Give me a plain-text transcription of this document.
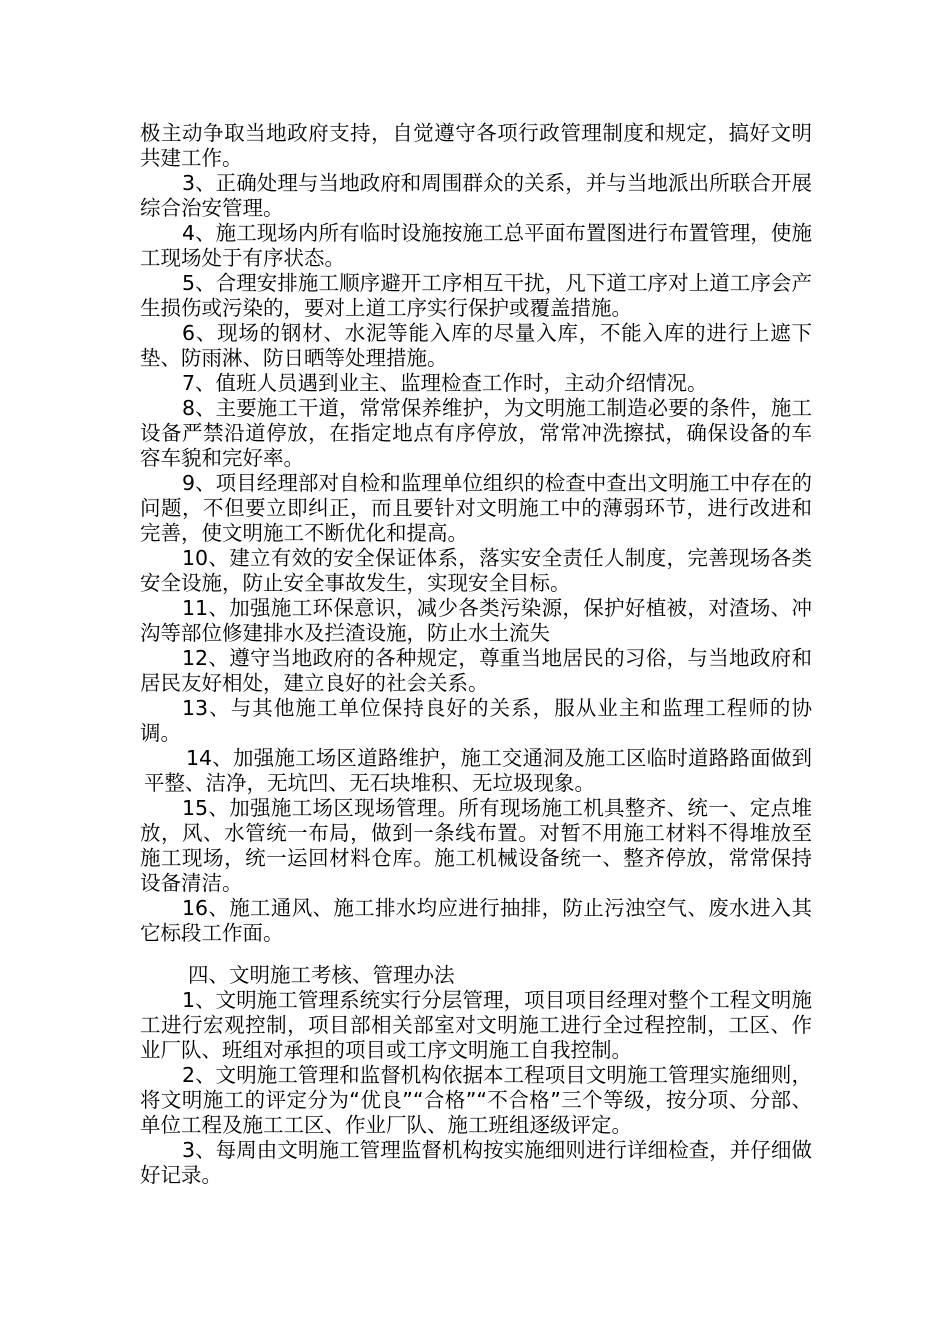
极主动争取当地政府支持，自觉遵守各项行政管理制度和规定，搞好文明共建工作。

3、正确处理与当地政府和周围群众的关系，并与当地派出所联合开展综合治安管理。

4、施工现场内所有临时设施按施工总平面布置图进行布置管理，使施工现场处于有序状态。

5、合理安排施工顺序避开工序相互干扰，凡下道工序对上道工序会产生损伤或污染的，要对上道工序实行保护或覆盖措施。

6、现场的钢材、水泥等能入库的尽量入库，不能入库的进行上遮下垫、防雨淋、防日晒等处理措施。

7、值班人员遇到业主、监理检查工作时，主动介绍情况。

8、主要施工干道，常常保养维护，为文明施工制造必要的条件，施工设备严禁沿道停放，在指定地点有序停放，常常冲洗擦拭，确保设备的车容车貌和完好率。

9、项目经理部对自检和监理单位组织的检查中查出文明施工中存在的问题，不但要立即纠正，而且要针对文明施工中的薄弱环节，进行改进和完善，使文明施工不断优化和提高。

10、建立有效的安全保证体系，落实安全责任人制度，完善现场各类安全设施，防止安全事故发生，实现安全目标。

11、加强施工环保意识，减少各类污染源，保护好植被，对渣场、冲沟等部位修建排水及拦渣设施，防止水土流失

12、遵守当地政府的各种规定，尊重当地居民的习俗，与当地政府和居民友好相处，建立良好的社会关系。

13、与其他施工单位保持良好的关系，服从业主和监理工程师的协调。

14、加强施工场区道路维护，施工交通洞及施工区临时道路路面做到平整、洁净，无坑凹、无石块堆积、无垃圾现象。

15、加强施工场区现场管理。所有现场施工机具整齐、统一、定点堆放，风、水管统一布局，做到一条线布置。对暂不用施工材料不得堆放至施工现场，统一运回材料仓库。施工机械设备统一、整齐停放，常常保持设备清洁。

16、施工通风、施工排水均应进行抽排，防止污浊空气、废水进入其它标段工作面。

四、文明施工考核、管理办法

1、文明施工管理系统实行分层管理，项目项目经理对整个工程文明施工进行宏观控制，项目部相关部室对文明施工进行全过程控制，工区、作业厂队、班组对承担的项目或工序文明施工自我控制。

2、文明施工管理和监督机构依据本工程项目文明施工管理实施细则，将文明施工的评定分为“优良”“合格”“不合格”三个等级，按分项、分部、单位工程及施工工区、作业厂队、施工班组逐级评定。

3、每周由文明施工管理监督机构按实施细则进行详细检查，并仔细做好记录。
